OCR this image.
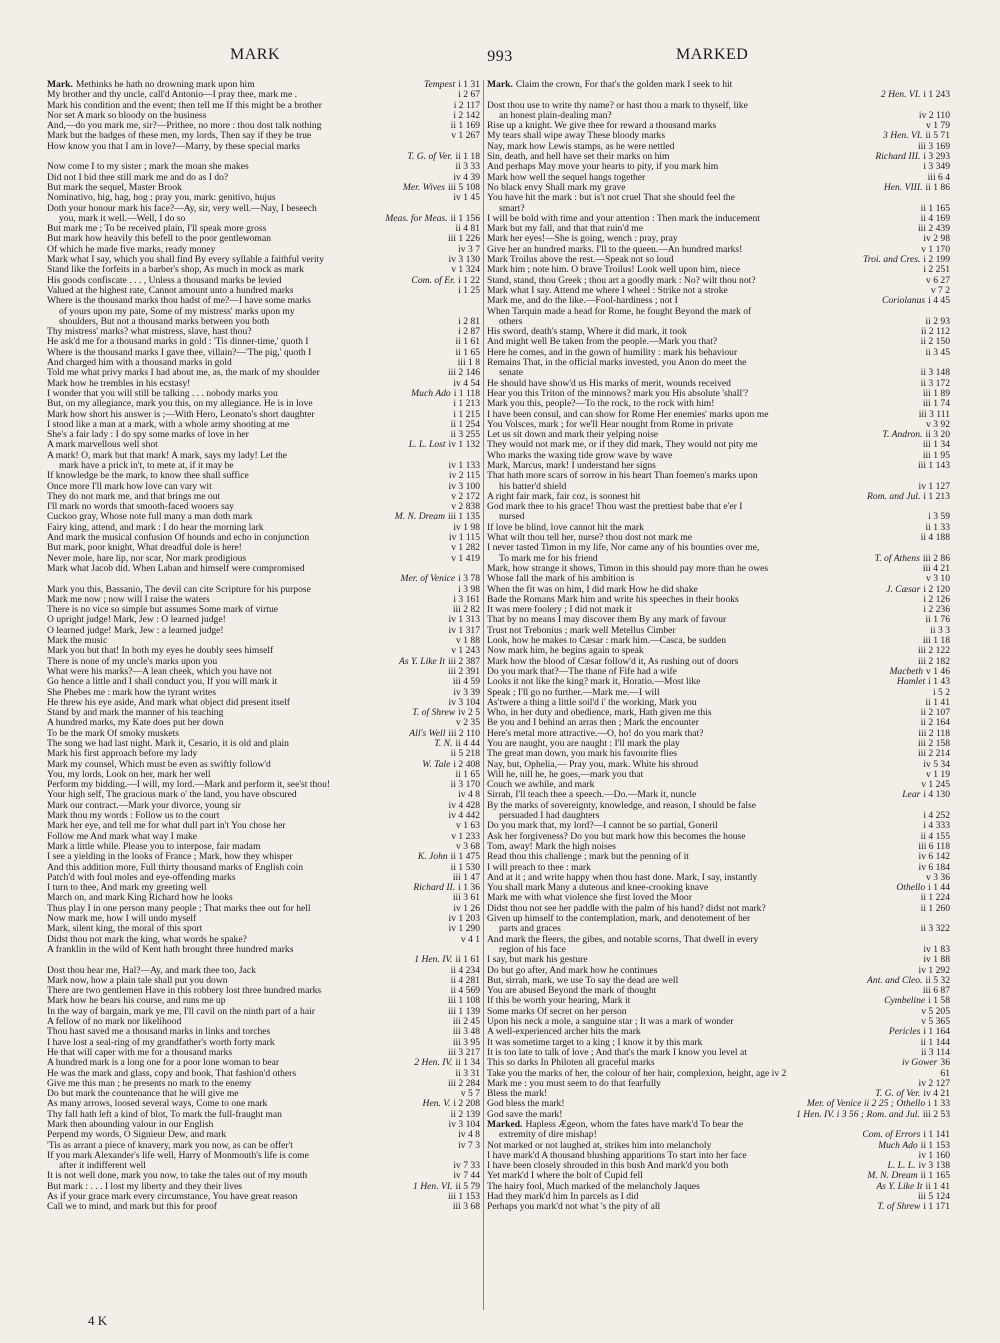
MARK	993	MARKED
Mark. Methinks he hath no drowning mark upon him	Tempest i 1 31
My brother and thy uncle, call'd Antonio—I pray thee, mark me .	i 2 67
Mark his condition and the event; then tell me If this might be a brother	i 2 117
Nor set A mark so bloody on the business	i 2 142
And,—do you mark me, sir?—Prithee, no more : thou dost talk nothing	ii 1 169
Mark but the badges of these men, my lords, Then say if they be true	v 1 267
How know you that I am in love?—Marry, by these special marks
T. G. of Ver. ii 1 18
Now come I to my sister ; mark the moan she makes	ii 3 33
Did not I bid thee still mark me and do as I do?	iv 4 39
But mark the sequel, Master Brook	Mer. Wives iii 5 108
Nominativo, hig, hag, hog ; pray you, mark: genitivo, hujus	iv 1 45
Doth your honour mark his face?—Ay, sir, very well.—Nay, I beseech
you, mark it well.—Well, I do so	Meas. for Meas. ii 1 156
But mark me ; To be received plain, I'll speak more gross	ii 4 81
But mark how heavily this befell to the poor gentlewoman	iii 1 226
Of which he made five marks, ready money	iv 3 7
Mark what I say, which you shall find By every syllable a faithful verity	iv 3 130
Stand like the forfeits in a barber's shop, As much in mock as mark	v 1 324
His goods confiscate . . . , Unless a thousand marks be levied	Com. of Er. i 1 22
Valued at the highest rate, Cannot amount unto a hundred marks	i 1 25
Where is the thousand marks thou hadst of me?—I have some marks
of yours upon my pate, Some of my mistress' marks upon my
shoulders, But not a thousand marks between you both	i 2 81
Thy mistress' marks? what mistress, slave, hast thou?	i 2 87
He ask'd me for a thousand marks in gold : 'Tis dinner-time,' quoth I	ii 1 61
Where is the thousand marks I gave thee, villain?—'The pig,' quoth I	ii 1 65
And charged him with a thousand marks in gold	iii 1 8
Told me what privy marks I had about me, as, the mark of my shoulder	iii 2 146
Mark how he trembles in his ecstasy!	iv 4 54
I wonder that you will still be talking . . . nobody marks you	Much Ado i 1 118
But, on my allegiance, mark you this, on my allegiance. He is in love	i 1 213
Mark how short his answer is ;—With Hero, Leonato's short daughter	i 1 215
I stood like a man at a mark, with a whole army shooting at me	ii 1 254
She's a fair lady : I do spy some marks of love in her	ii 3 255
A mark marvellous well shot	L. L. Lost iv 1 132
A mark! O, mark but that mark! A mark, says my lady! Let the
mark have a prick in't, to mete at, if it may be	iv 1 133
If knowledge be the mark, to know thee shall suffice	iv 2 115
Once more I'll mark how love can vary wit	iv 3 100
They do not mark me, and that brings me out	v 2 172
I'll mark no words that smooth-faced wooers say	v 2 838
Cuckoo gray, Whose note full many a man doth mark	M. N. Dream iii 1 135
Fairy king, attend, and mark : I do hear the morning lark	iv 1 98
And mark the musical confusion Of hounds and echo in conjunction	iv 1 115
But mark, poor knight, What dreadful dole is here!	v 1 282
Never mole, hare lip, nor scar, Nor mark prodigious	v 1 419
Mark what Jacob did. When Laban and himself were compromised
Mer. of Venice i 3 78
Mark you this, Bassanio, The devil can cite Scripture for his purpose	i 3 98
Mark me now ; now will I raise the waters	i 3 161
There is no vice so simple but assumes Some mark of virtue	iii 2 82
O upright judge! Mark, Jew : O learned judge!	iv 1 313
O learned judge! Mark, Jew : a learned judge!	iv 1 317
Mark the music	v 1 88
Mark you but that! In both my eyes he doubly sees himself	v 1 243
There is none of my uncle's marks upon you	As Y. Like It iii 2 387
What were his marks?—A lean cheek, which you have not	iii 2 391
Go hence a little and I shall conduct you, If you will mark it	iii 4 59
She Phebes me : mark how the tyrant writes	iv 3 39
He threw his eye aside, And mark what object did present itself	iv 3 104
Stand by and mark the manner of his teaching	T. of Shrew iv 2 5
A hundred marks, my Kate does put her down	v 2 35
To be the mark Of smoky muskets	All's Well iii 2 110
The song we had last night. Mark it, Cesario, it is old and plain	T. N. ii 4 44
Mark his first approach before my lady	ii 5 218
Mark my counsel, Which must be even as swiftly follow'd	W. Tale i 2 408
You, my lords, Look on her, mark her well	ii 1 65
Perform my bidding.—I will, my lord.—Mark and perform it, see'st thou!	ii 3 170
Your high self, The gracious mark o' the land, you have obscured	iv 4 8
Mark our contract.—Mark your divorce, young sir	iv 4 428
Mark thou my words : Follow us to the court	iv 4 442
Mark her eye, and tell me for what dull part in't You chose her	v 1 63
Follow me And mark what way I make	v 1 233
Mark a little while. Please you to interpose, fair madam	v 3 68
I see a yielding in the looks of France ; Mark, how they whisper	K. John ii 1 475
And this addition more, Full thirty thousand marks of English coin	ii 1 530
Patch'd with foul moles and eye-offending marks	iii 1 47
I turn to thee, And mark my greeting well	Richard II. i 1 36
March on, and mark King Richard how he looks	iii 3 61
Thus play I in one person many people ; That marks thee out for hell	iv 1 26
Now mark me, how I will undo myself	iv 1 203
Mark, silent king, the moral of this sport	iv 1 290
Didst thou not mark the king, what words he spake?	v 4 1
A franklin in the wild of Kent hath brought three hundred marks
1 Hen. IV. ii 1 61
Dost thou hear me, Hal?—Ay, and mark thee too, Jack	ii 4 234
Mark now, how a plain tale shall put you down	ii 4 281
There are two gentlemen Have in this robbery lost three hundred marks	ii 4 569
Mark how he bears his course, and runs me up	iii 1 108
In the way of bargain, mark ye me, I'll cavil on the ninth part of a hair	iii 1 139
A fellow of no mark nor likelihood	iii 2 45
Thou hast saved me a thousand marks in links and torches	iii 3 48
I have lost a seal-ring of my grandfather's worth forty mark	iii 3 95
He that will caper with me for a thousand marks	iii 3 217
A hundred mark is a long one for a poor lone woman to bear	2 Hen. IV. ii 1 34
He was the mark and glass, copy and book, That fashion'd others	ii 3 31
Give me this man ; he presents no mark to the enemy	iii 2 284
Do but mark the countenance that he will give me	v 5 7
As many arrows, loosed several ways, Come to one mark	Hen. V. i 2 208
Thy fall hath left a kind of blot, To mark the full-fraught man	ii 2 139
Mark then abounding valour in our English	iv 3 104
Perpend my words, O Signieur Dew, and mark	iv 4 8
'Tis as arrant a piece of knavery, mark you now, as can be offer't	iv 7 3
If you mark Alexander's life well, Harry of Monmouth's life is come
after it indifferent well	iv 7 33
It is not well done, mark you now, to take the tales out of my mouth	iv 7 44
But mark : . . . I lost my liberty and they their lives	1 Hen. VI. ii 5 79
As if your grace mark every circumstance, You have great reason	iii 1 153
Call we to mind, and mark but this for proof	iii 3 68
Mark. Claim the crown, For that's the golden mark I seek to hit
2 Hen. VI. i 1 243
Dost thou use to write thy name? or hast thou a mark to thyself, like
an honest plain-dealing man?	iv 2 110
Rise up a knight. We give thee for reward a thousand marks	v 1 79
My tears shall wipe away These bloody marks	3 Hen. VI. ii 5 71
Nay, mark how Lewis stamps, as he were nettled	iii 3 169
Sin, death, and hell have set their marks on him	Richard III. i 3 293
And perhaps May move your hearts to pity, if you mark him	i 3 349
Mark how well the sequel hangs together	iii 6 4
No black envy Shall mark my grave	Hen. VIII. ii 1 86
You have hit the mark : but is't not cruel That she should feel the
smart?	ii 1 165
I will be bold with time and your attention : Then mark the inducement	ii 4 169
Mark but my fall, and that that ruin'd me	iii 2 439
Mark her eyes!—She is going, wench : pray, pray	iv 2 98
Give her an hundred marks. I'll to the queen.—An hundred marks!	v 1 170
Mark Troilus above the rest.—Speak not so loud	Troi. and Cres. i 2 199
Mark him ; note him. O brave Troilus! Look well upon him, niece	i 2 251
Stand, stand, thou Greek ; thou art a goodly mark : No? wilt thou not?	v 6 27
Mark what I say. Attend me where I wheel : Strike not a stroke	v 7 2
Mark me, and do the like.—Fool-hardiness ; not I	Coriolanus i 4 45
When Tarquin made a head for Rome, he fought Beyond the mark of
others	ii 2 93
His sword, death's stamp, Where it did mark, it took	ii 2 112
And might well Be taken from the people.—Mark you that?	ii 2 150
Here he comes, and in the gown of humility : mark his behaviour	ii 3 45
Remains That, in the official marks invested, you Anon do meet the
senate	ii 3 148
He should have show'd us His marks of merit, wounds received	ii 3 172
Hear you this Triton of the minnows? mark you His absolute 'shall'?	iii 1 89
Mark you this, people?—To the rock, to the rock with him!	iii 1 74
I have been consul, and can show for Rome Her enemies' marks upon me	iii 3 111
You Volsces, mark ; for we'll Hear nought from Rome in private	v 3 92
Let us sit down and mark their yelping noise	T. Andron. ii 3 20
They would not mark me, or if they did mark, They would not pity me	iii 1 34
Who marks the waxing tide grow wave by wave	iii 1 95
Mark, Marcus, mark! I understand her signs	iii 1 143
That hath more scars of sorrow in his heart Than foemen's marks upon
his batter'd shield	iv 1 127
A right fair mark, fair coz, is soonest hit	Rom. and Jul. i 1 213
God mark thee to his grace! Thou wast the prettiest babe that e'er I
nursed	i 3 59
If love be blind, love cannot hit the mark	ii 1 33
What wilt thou tell her, nurse? thou dost not mark me	ii 4 188
I never tasted Timon in my life, Nor came any of his bounties over me,
To mark me for his friend	T. of Athens iii 2 86
Mark, how strange it shows, Timon in this should pay more than he owes	iii 4 21
Whose fall the mark of his ambition is	v 3 10
When the fit was on him, I did mark How he did shake	J. Cæsar i 2 120
Bade the Romans Mark him and write his speeches in their books	i 2 126
It was mere foolery ; I did not mark it	i 2 236
That by no means I may discover them By any mark of favour	ii 1 76
Trust not Trebonius ; mark well Metellus Cimber	ii 3 3
Look, how he makes to Cæsar : mark him.—Casca, be sudden	iii 1 18
Now mark him, he begins again to speak	iii 2 122
Mark how the blood of Cæsar follow'd it, As rushing out of doors	iii 2 182
Do you mark that?—The thane of Fife had a wife	Macbeth v 1 46
Looks it not like the king? mark it, Horatio.—Most like	Hamlet i 1 43
Speak ; I'll go no further.—Mark me.—I will	i 5 2
As'twere a thing a little soil'd i' the working, Mark you	ii 1 41
Who, in her duty and obedience, mark, Hath given me this	ii 2 107
Be you and I behind an arras then ; Mark the encounter	ii 2 164
Here's metal more attractive.—O, ho! do you mark that?	iii 2 118
You are naught, you are naught : I'll mark the play	iii 2 158
The great man down, you mark his favourite flies	iii 2 214
Nay, but, Ophelia,— Pray you, mark. White his shroud	iv 5 34
Will he, nill he, he goes,—mark you that	v 1 19
Couch we awhile, and mark	v 1 245
Sirrah, I'll teach thee a speech.—Do.—Mark it, nuncle	Lear i 4 130
By the marks of sovereignty, knowledge, and reason, I should be false
persuaded I had daughters	i 4 252
Do you mark that, my lord?—I cannot be so partial, Goneril	i 4 333
Ask her forgiveness? Do you but mark how this becomes the house	ii 4 155
Tom, away! Mark the high noises	iii 6 118
Read thou this challenge ; mark but the penning of it	iv 6 142
I will preach to thee : mark	iv 6 184
And at it ; and write happy when thou hast done. Mark, I say, instantly	v 3 36
You shall mark Many a duteous and knee-crooking knave	Othello i 1 44
Mark me with what violence she first loved the Moor	ii 1 224
Didst thou not see her paddle with the palm of his hand? didst not mark?	ii 1 260
Given up himself to the contemplation, mark, and denotement of her
parts and graces	ii 3 322
And mark the fleers, the gibes, and notable scorns, That dwell in every
region of his face	iv 1 83
I say, but mark his gesture	iv 1 88
Do but go after, And mark how he continues	iv 1 292
But, sirrah, mark, we use To say the dead are well	Ant. and Cleo. ii 5 32
You are abused Beyond the mark of thought	iii 6 87
If this be worth your hearing, Mark it	Cymbeline i 1 58
Some marks Of secret on her person	v 5 205
Upon his neck a mole, a sanguine star ; It was a mark of wonder	v 5 365
A well-experienced archer hits the mark	Pericles i 1 164
It was sometime target to a king ; I know it by this mark	ii 1 144
It is too late to talk of love ; And that's the mark I know you level at	ii 3 114
This so darks In Philoten all graceful marks	iv Gower 36
Take you the marks of her, the colour of her hair, complexion, height, age iv 2	61
Mark me : you must seem to do that fearfully	iv 2 127
Bless the mark!	T. G. of Ver. iv 4 21
God bless the mark!	Mer. of Venice ii 2 25 ; Othello i 1 33
God save the mark!	1 Hen. IV. i 3 56 ; Rom. and Jul. iii 2 53
Marked. Hapless Ægeon, whom the fates have mark'd To bear the
extremity of dire mishap!	Com. of Errors i 1 141
Not marked or not laughed at, strikes him into melancholy	Much Ado ii 1 153
I have mark'd A thousand blushing apparitions To start into her face	iv 1 160
I have been closely shrouded in this bush And mark'd you both	L. L. L. iv 3 138
Yet mark'd I where the bolt of Cupid fell	M. N. Dream ii 1 165
The hairy fool, Much marked of the melancholy Jaques	As Y. Like It ii 1 41
Had they mark'd him In parcels as I did	iii 5 124
Perhaps you mark'd not what 's the pity of all	T. of Shrew i 1 171
4 K
